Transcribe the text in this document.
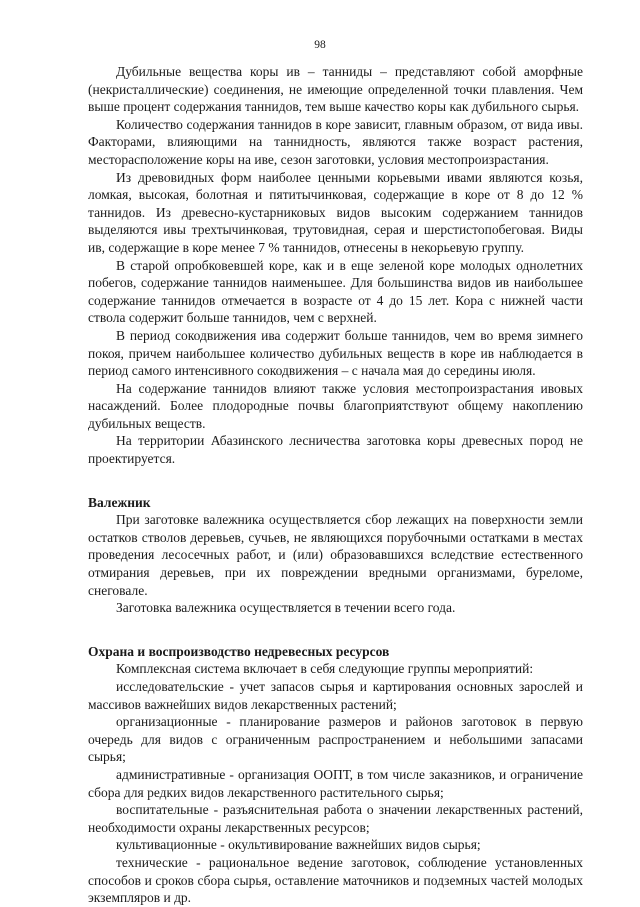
98

Дубильные вещества коры ив – танниды – представляют собой аморфные (некристаллические) соединения, не имеющие определенной точки плавления. Чем выше процент содержания таннидов, тем выше качество коры как дубильного сырья.

Количество содержания таннидов в коре зависит, главным образом, от вида ивы. Факторами, влияющими на таннидность, являются также возраст растения, месторасположение коры на иве, сезон заготовки, условия местопроизрастания.

Из древовидных форм наиболее ценными корьевыми ивами являются козья, ломкая, высокая, болотная и пятитычинковая, содержащие в коре от 8 до 12 % таннидов. Из древесно-кустарниковых видов высоким содержанием таннидов выделяются ивы трехтычинковая, трутовидная, серая и шерстистопобеговая. Виды ив, содержащие в коре менее 7 % таннидов, отнесены в некорьевую группу.

В старой опробковевшей коре, как и в еще зеленой коре молодых однолетних побегов, содержание таннидов наименьшее. Для большинства видов ив наибольшее содержание таннидов отмечается в возрасте от 4 до 15 лет. Кора с нижней части ствола содержит больше таннидов, чем с верхней.

В период сокодвижения ива содержит больше таннидов, чем во время зимнего покоя, причем наибольшее количество дубильных веществ в коре ив наблюдается в период самого интенсивного сокодвижения – с начала мая до середины июля.

На содержание таннидов влияют также условия местопроизрастания ивовых насаждений. Более плодородные почвы благоприятствуют общему накоплению дубильных веществ.

На территории Абазинского лесничества заготовка коры древесных пород не проектируется.

Валежник

При заготовке валежника осуществляется сбор лежащих на поверхности земли остатков стволов деревьев, сучьев, не являющихся порубочными остатками в местах проведения лесосечных работ, и (или) образовавшихся вследствие естественного отмирания деревьев, при их повреждении вредными организмами, буреломе, снеговале.

Заготовка валежника осуществляется в течении всего года.

Охрана и воспроизводство недревесных ресурсов

Комплексная система включает в себя следующие группы мероприятий:

исследовательские - учет запасов сырья и картирования основных зарослей и массивов важнейших видов лекарственных растений;

организационные - планирование размеров и районов заготовок в первую очередь для видов с ограниченным распространением и небольшими запасами сырья;

административные - организация ООПТ, в том числе заказников, и ограничение сбора для редких видов лекарственного растительного сырья;

воспитательные - разъяснительная работа о значении лекарственных растений, необходимости охраны лекарственных ресурсов;

культивационные - окультивирование важнейших видов сырья;

технические - рациональное ведение заготовок, соблюдение установленных способов и сроков сбора сырья, оставление маточников и подземных частей молодых экземпляров и др.
